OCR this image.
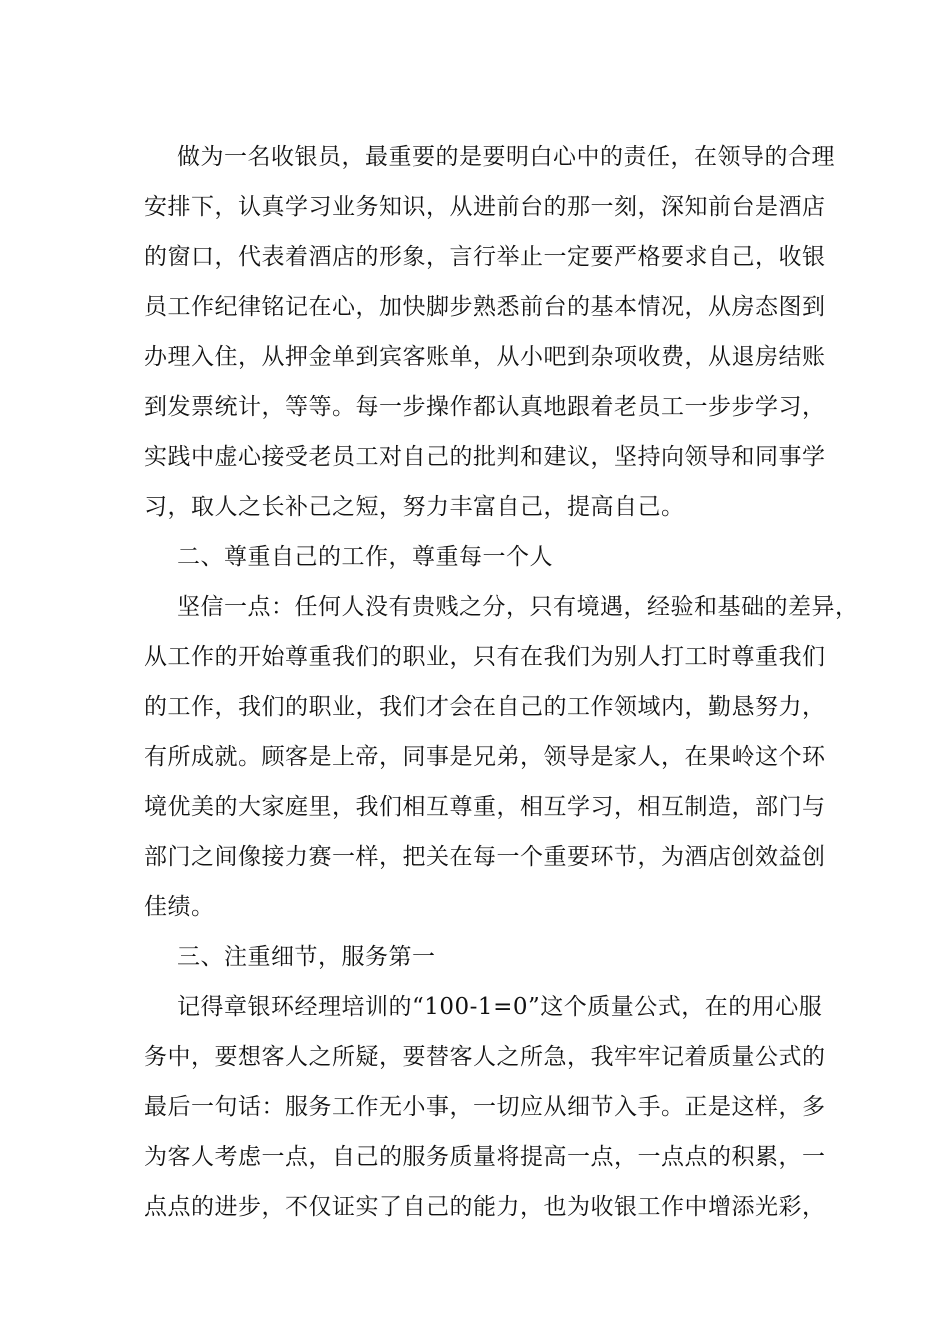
做为一名收银员，最重要的是要明白心中的责任，在领导的合理
安排下，认真学习业务知识，从进前台的那一刻，深知前台是酒店
的窗口，代表着酒店的形象，言行举止一定要严格要求自己，收银
员工作纪律铭记在心，加快脚步熟悉前台的基本情况，从房态图到
办理入住，从押金单到宾客账单，从小吧到杂项收费，从退房结账
到发票统计，等等。每一步操作都认真地跟着老员工一步步学习，
实践中虚心接受老员工对自己的批判和建议，坚持向领导和同事学
习，取人之长补己之短，努力丰富自己，提高自己。
二、尊重自己的工作，尊重每一个人
坚信一点：任何人没有贵贱之分，只有境遇，经验和基础的差异，
从工作的开始尊重我们的职业，只有在我们为别人打工时尊重我们
的工作，我们的职业，我们才会在自己的工作领域内，勤恳努力，
有所成就。顾客是上帝，同事是兄弟，领导是家人，在果岭这个环
境优美的大家庭里，我们相互尊重，相互学习，相互制造，部门与
部门之间像接力赛一样，把关在每一个重要环节，为酒店创效益创
佳绩。
三、注重细节，服务第一
记得章银环经理培训的“100-1=0”这个质量公式，在的用心服
务中，要想客人之所疑，要替客人之所急，我牢牢记着质量公式的
最后一句话：服务工作无小事，一切应从细节入手。正是这样，多
为客人考虑一点，自己的服务质量将提高一点，一点点的积累，一
点点的进步，不仅证实了自己的能力，也为收银工作中增添光彩，
